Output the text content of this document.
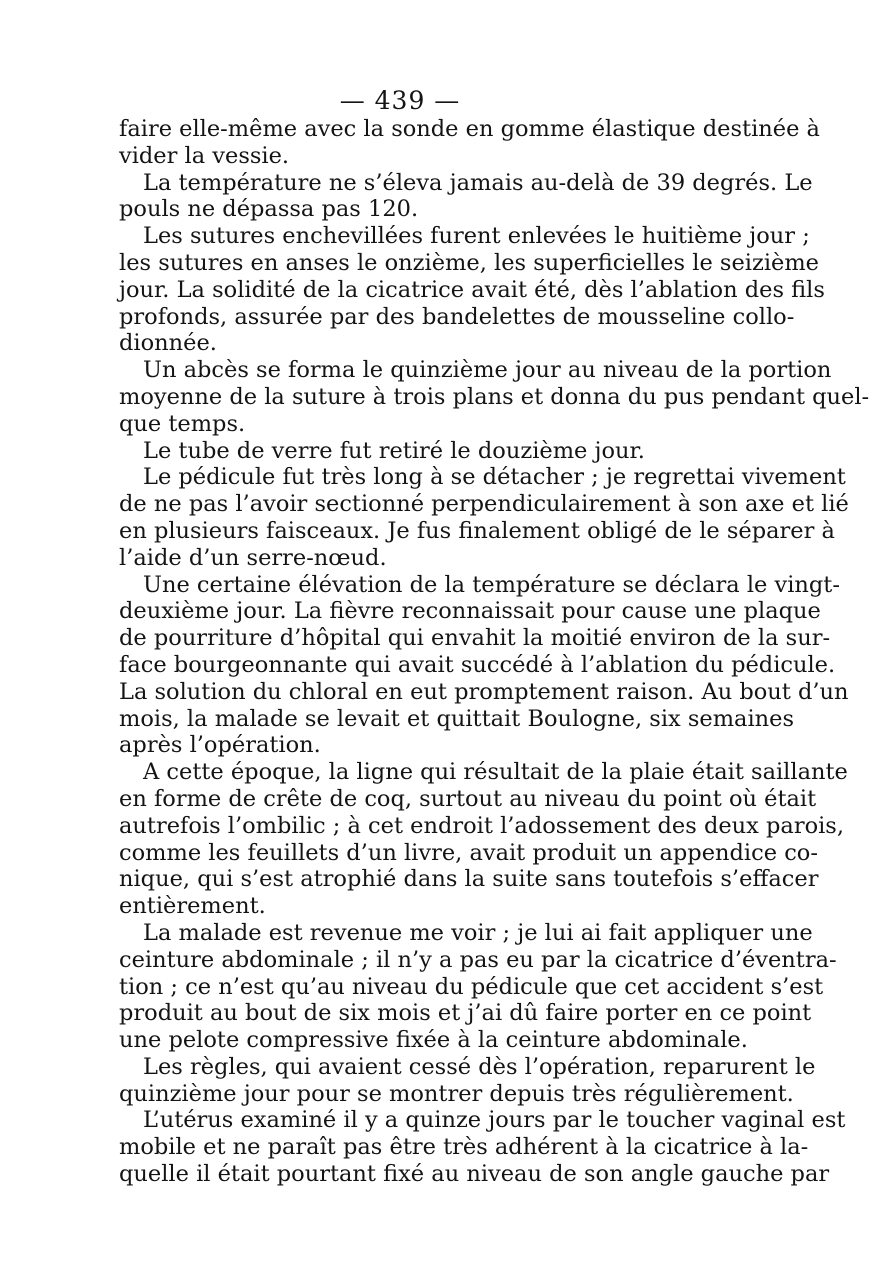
— 439 —
faire elle-même avec la sonde en gomme élastique destinée à
vider la vessie.
La température ne s’éleva jamais au-delà de 39 degrés. Le
pouls ne dépassa pas 120.
Les sutures enchevillées furent enlevées le huitième jour ;
les sutures en anses le onzième, les superficielles le seizième
jour. La solidité de la cicatrice avait été, dès l’ablation des fils
profonds, assurée par des bandelettes de mousseline collo-
dionnée.
Un abcès se forma le quinzième jour au niveau de la portion
moyenne de la suture à trois plans et donna du pus pendant quel-
que temps.
Le tube de verre fut retiré le douzième jour.
Le pédicule fut très long à se détacher ; je regrettai vivement
de ne pas l’avoir sectionné perpendiculairement à son axe et lié
en plusieurs faisceaux. Je fus finalement obligé de le séparer à
l’aide d’un serre-nœud.
Une certaine élévation de la température se déclara le vingt-
deuxième jour. La fièvre reconnaissait pour cause une plaque
de pourriture d’hôpital qui envahit la moitié environ de la sur-
face bourgeonnante qui avait succédé à l’ablation du pédicule.
La solution du chloral en eut promptement raison. Au bout d’un
mois, la malade se levait et quittait Boulogne, six semaines
après l’opération.
A cette époque, la ligne qui résultait de la plaie était saillante
en forme de crête de coq, surtout au niveau du point où était
autrefois l’ombilic ; à cet endroit l’adossement des deux parois,
comme les feuillets d’un livre, avait produit un appendice co-
nique, qui s’est atrophié dans la suite sans toutefois s’effacer
entièrement.
La malade est revenue me voir ; je lui ai fait appliquer une
ceinture abdominale ; il n’y a pas eu par la cicatrice d’éventra-
tion ; ce n’est qu’au niveau du pédicule que cet accident s’est
produit au bout de six mois et j’ai dû faire porter en ce point
une pelote compressive fixée à la ceinture abdominale.
Les règles, qui avaient cessé dès l’opération, reparurent le
quinzième jour pour se montrer depuis très régulièrement.
L’utérus examiné il y a quinze jours par le toucher vaginal est
mobile et ne paraît pas être très adhérent à la cicatrice à la-
quelle il était pourtant fixé au niveau de son angle gauche par
